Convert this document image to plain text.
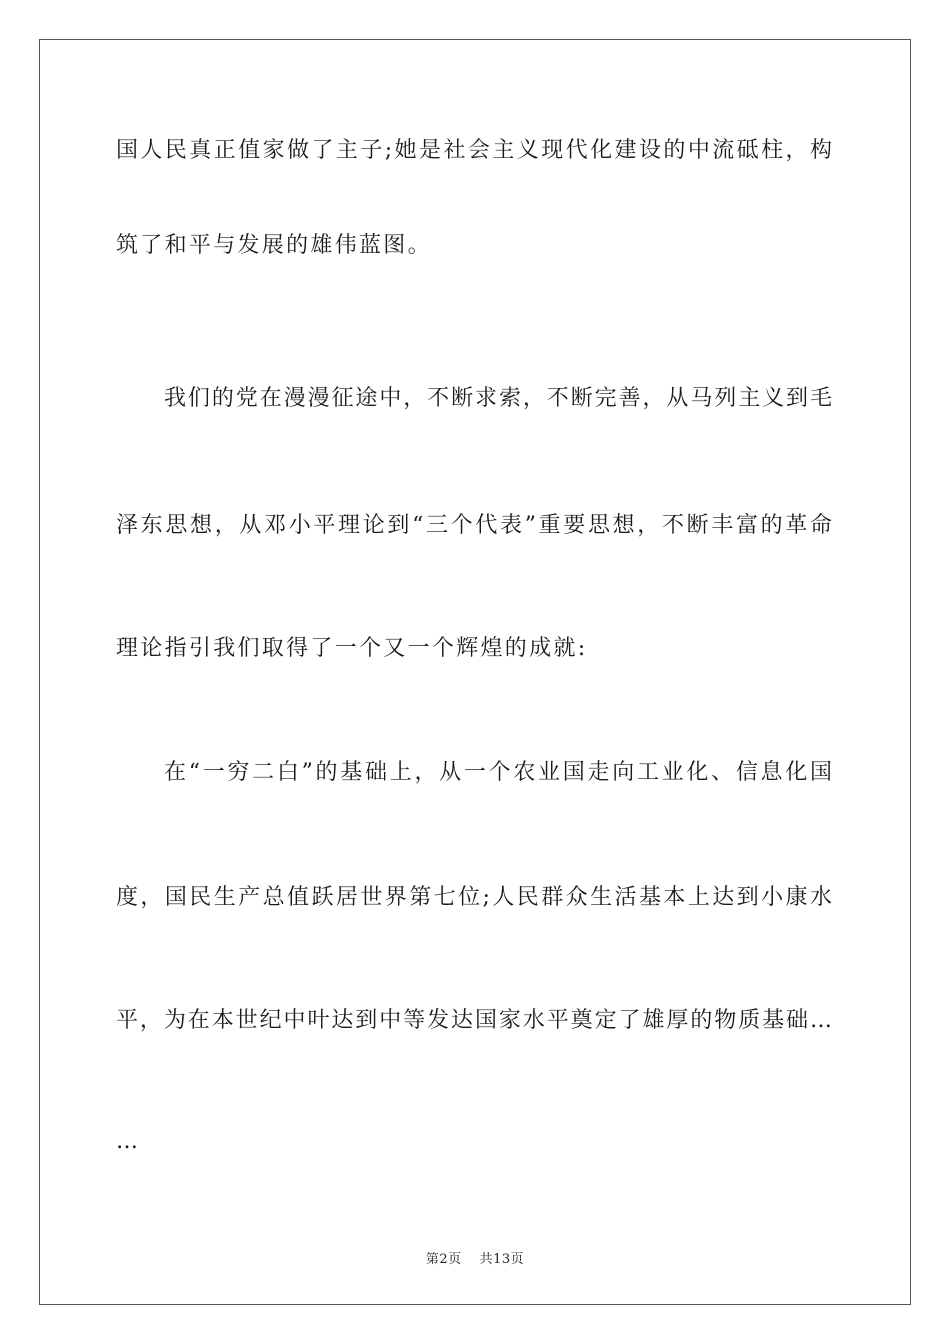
国人民真正值家做了主子;她是社会主义现代化建设的中流砥柱，构
筑了和平与发展的雄伟蓝图。
我们的党在漫漫征途中，不断求索，不断完善，从马列主义到毛
泽东思想，从邓小平理论到“三个代表”重要思想，不断丰富的革命
理论指引我们取得了一个又一个辉煌的成就:
在“一穷二白”的基础上，从一个农业国走向工业化、信息化国
度，国民生产总值跃居世界第七位;人民群众生活基本上达到小康水
平，为在本世纪中叶达到中等发达国家水平奠定了雄厚的物质基础…
…
第2页 共13页
